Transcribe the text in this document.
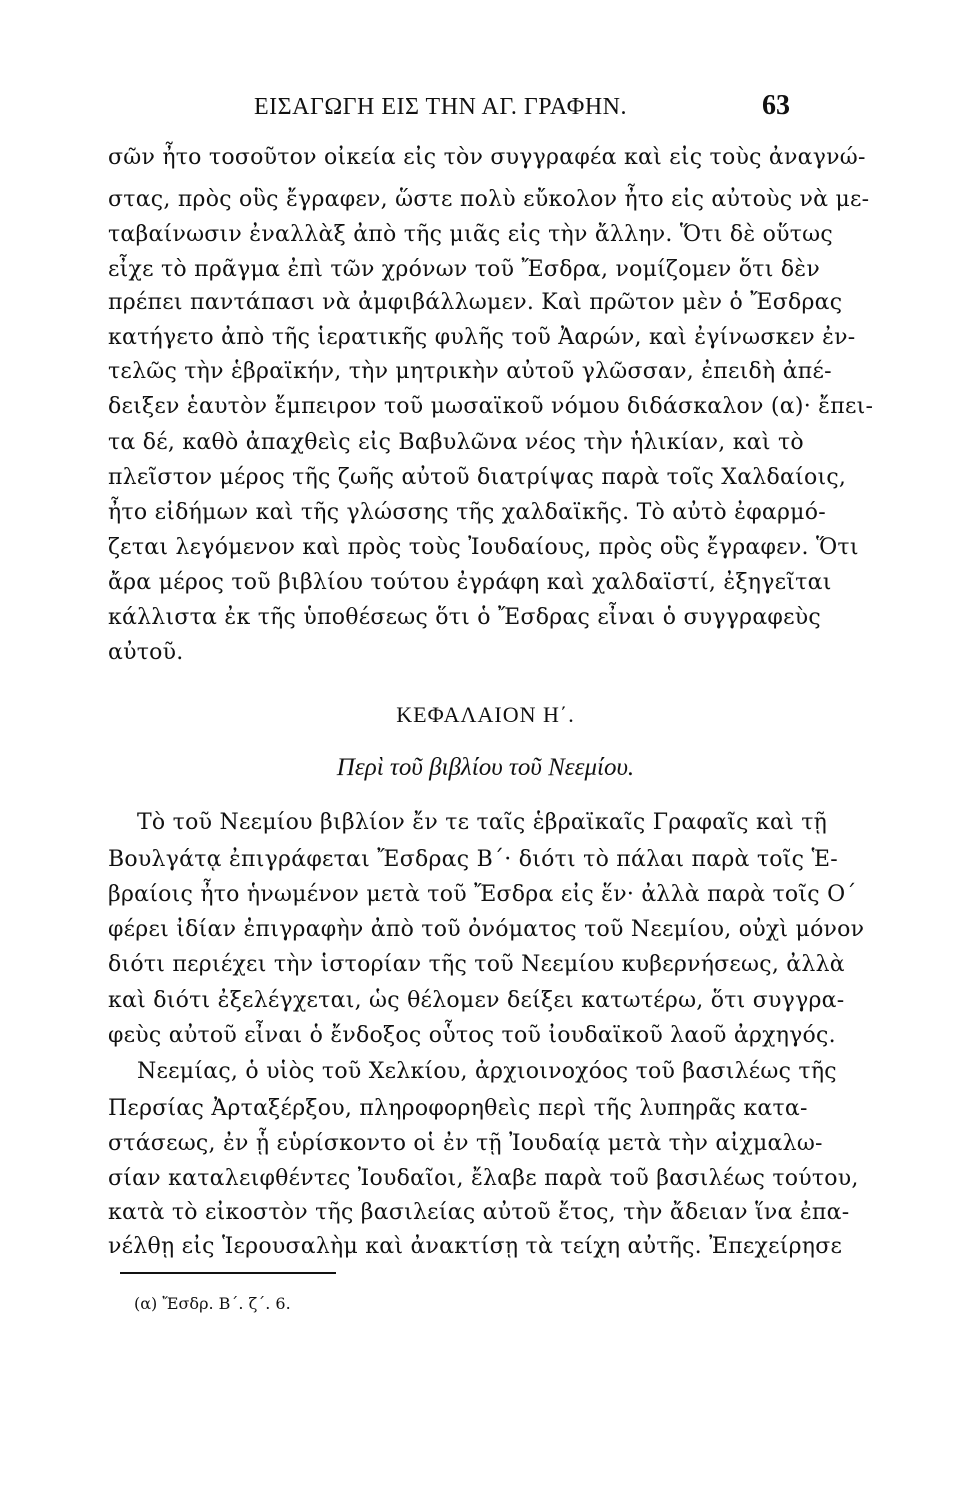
ΕΙΣΑΓΩΓΗ ΕΙΣ ΤΗΝ ΑΓ. ΓΡΑΦΗΝ.	63
σῶν ἦτο τοσοῦτον οἰκεία εἰς τὸν συγγραφέα καὶ εἰς τοὺς ἀναγνώ-
στας, πρὸς οὓς ἔγραφεν, ὥστε πολὺ εὔκολον ἦτο εἰς αὐτοὺς νὰ με-
ταβαίνωσιν ἐναλλὰξ ἀπὸ τῆς μιᾶς εἰς τὴν ἄλλην. Ὅτι δὲ οὕτως
εἶχε τὸ πρᾶγμα ἐπὶ τῶν χρόνων τοῦ Ἔσδρα, νομίζομεν ὅτι δὲν
πρέπει παντάπασι νὰ ἀμφιβάλλωμεν. Καὶ πρῶτον μὲν ὁ Ἔσδρας
κατήγετο ἀπὸ τῆς ἱερατικῆς φυλῆς τοῦ Ἀαρών, καὶ ἐγίνωσκεν ἐν-
τελῶς τὴν ἑβραϊκήν, τὴν μητρικὴν αὐτοῦ γλῶσσαν, ἐπειδὴ ἀπέ-
δειξεν ἑαυτὸν ἔμπειρον τοῦ μωσαϊκοῦ νόμου διδάσκαλον (α)· ἔπει-
τα δέ, καθὸ ἀπαχθεὶς εἰς Βαβυλῶνα νέος τὴν ἡλικίαν, καὶ τὸ
πλεῖστον μέρος τῆς ζωῆς αὐτοῦ διατρίψας παρὰ τοῖς Χαλδαίοις,
ἦτο εἰδήμων καὶ τῆς γλώσσης τῆς χαλδαϊκῆς. Τὸ αὐτὸ ἐφαρμό-
ζεται λεγόμενον καὶ πρὸς τοὺς Ἰουδαίους, πρὸς οὓς ἔγραφεν. Ὅτι
ἄρα μέρος τοῦ βιβλίου τούτου ἐγράφη καὶ χαλδαϊστί, ἐξηγεῖται
κάλλιστα ἐκ τῆς ὑποθέσεως ὅτι ὁ Ἔσδρας εἶναι ὁ συγγραφεὺς
αὐτοῦ.
ΚΕΦΑΛΑΙΟΝ Η΄.
Περὶ τοῦ βιβλίου τοῦ Νεεμίου.
Τὸ τοῦ Νεεμίου βιβλίον ἔν τε ταῖς ἑβραϊκαῖς Γραφαῖς καὶ τῇ
Βουλγάτᾳ ἐπιγράφεται Ἔσδρας Β΄· διότι τὸ πάλαι παρὰ τοῖς Ἑ-
βραίοις ἦτο ἡνωμένον μετὰ τοῦ Ἔσδρα εἰς ἕν· ἀλλὰ παρὰ τοῖς Ο΄
φέρει ἰδίαν ἐπιγραφὴν ἀπὸ τοῦ ὀνόματος τοῦ Νεεμίου, οὐχὶ μόνον
διότι περιέχει τὴν ἱστορίαν τῆς τοῦ Νεεμίου κυβερνήσεως, ἀλλὰ
καὶ διότι ἐξελέγχεται, ὡς θέλομεν δείξει κατωτέρω, ὅτι συγγρα-
φεὺς αὐτοῦ εἶναι ὁ ἔνδοξος οὗτος τοῦ ἰουδαϊκοῦ λαοῦ ἀρχηγός.
Νεεμίας, ὁ υἱὸς τοῦ Χελκίου, ἀρχιοινοχόος τοῦ βασιλέως τῆς
Περσίας Ἀρταξέρξου, πληροφορηθεὶς περὶ τῆς λυπηρᾶς κατα-
στάσεως, ἐν ᾗ εὑρίσκοντο οἱ ἐν τῇ Ἰουδαίᾳ μετὰ τὴν αἰχμαλω-
σίαν καταλειφθέντες Ἰουδαῖοι, ἔλαβε παρὰ τοῦ βασιλέως τούτου,
κατὰ τὸ εἰκοστὸν τῆς βασιλείας αὐτοῦ ἔτος, τὴν ἄδειαν ἵνα ἐπα-
νέλθῃ εἰς Ἱερουσαλὴμ καὶ ἀνακτίσῃ τὰ τείχη αὐτῆς. Ἐπεχείρησε
(α) Ἔσδρ. Β΄. ζ΄. 6.
